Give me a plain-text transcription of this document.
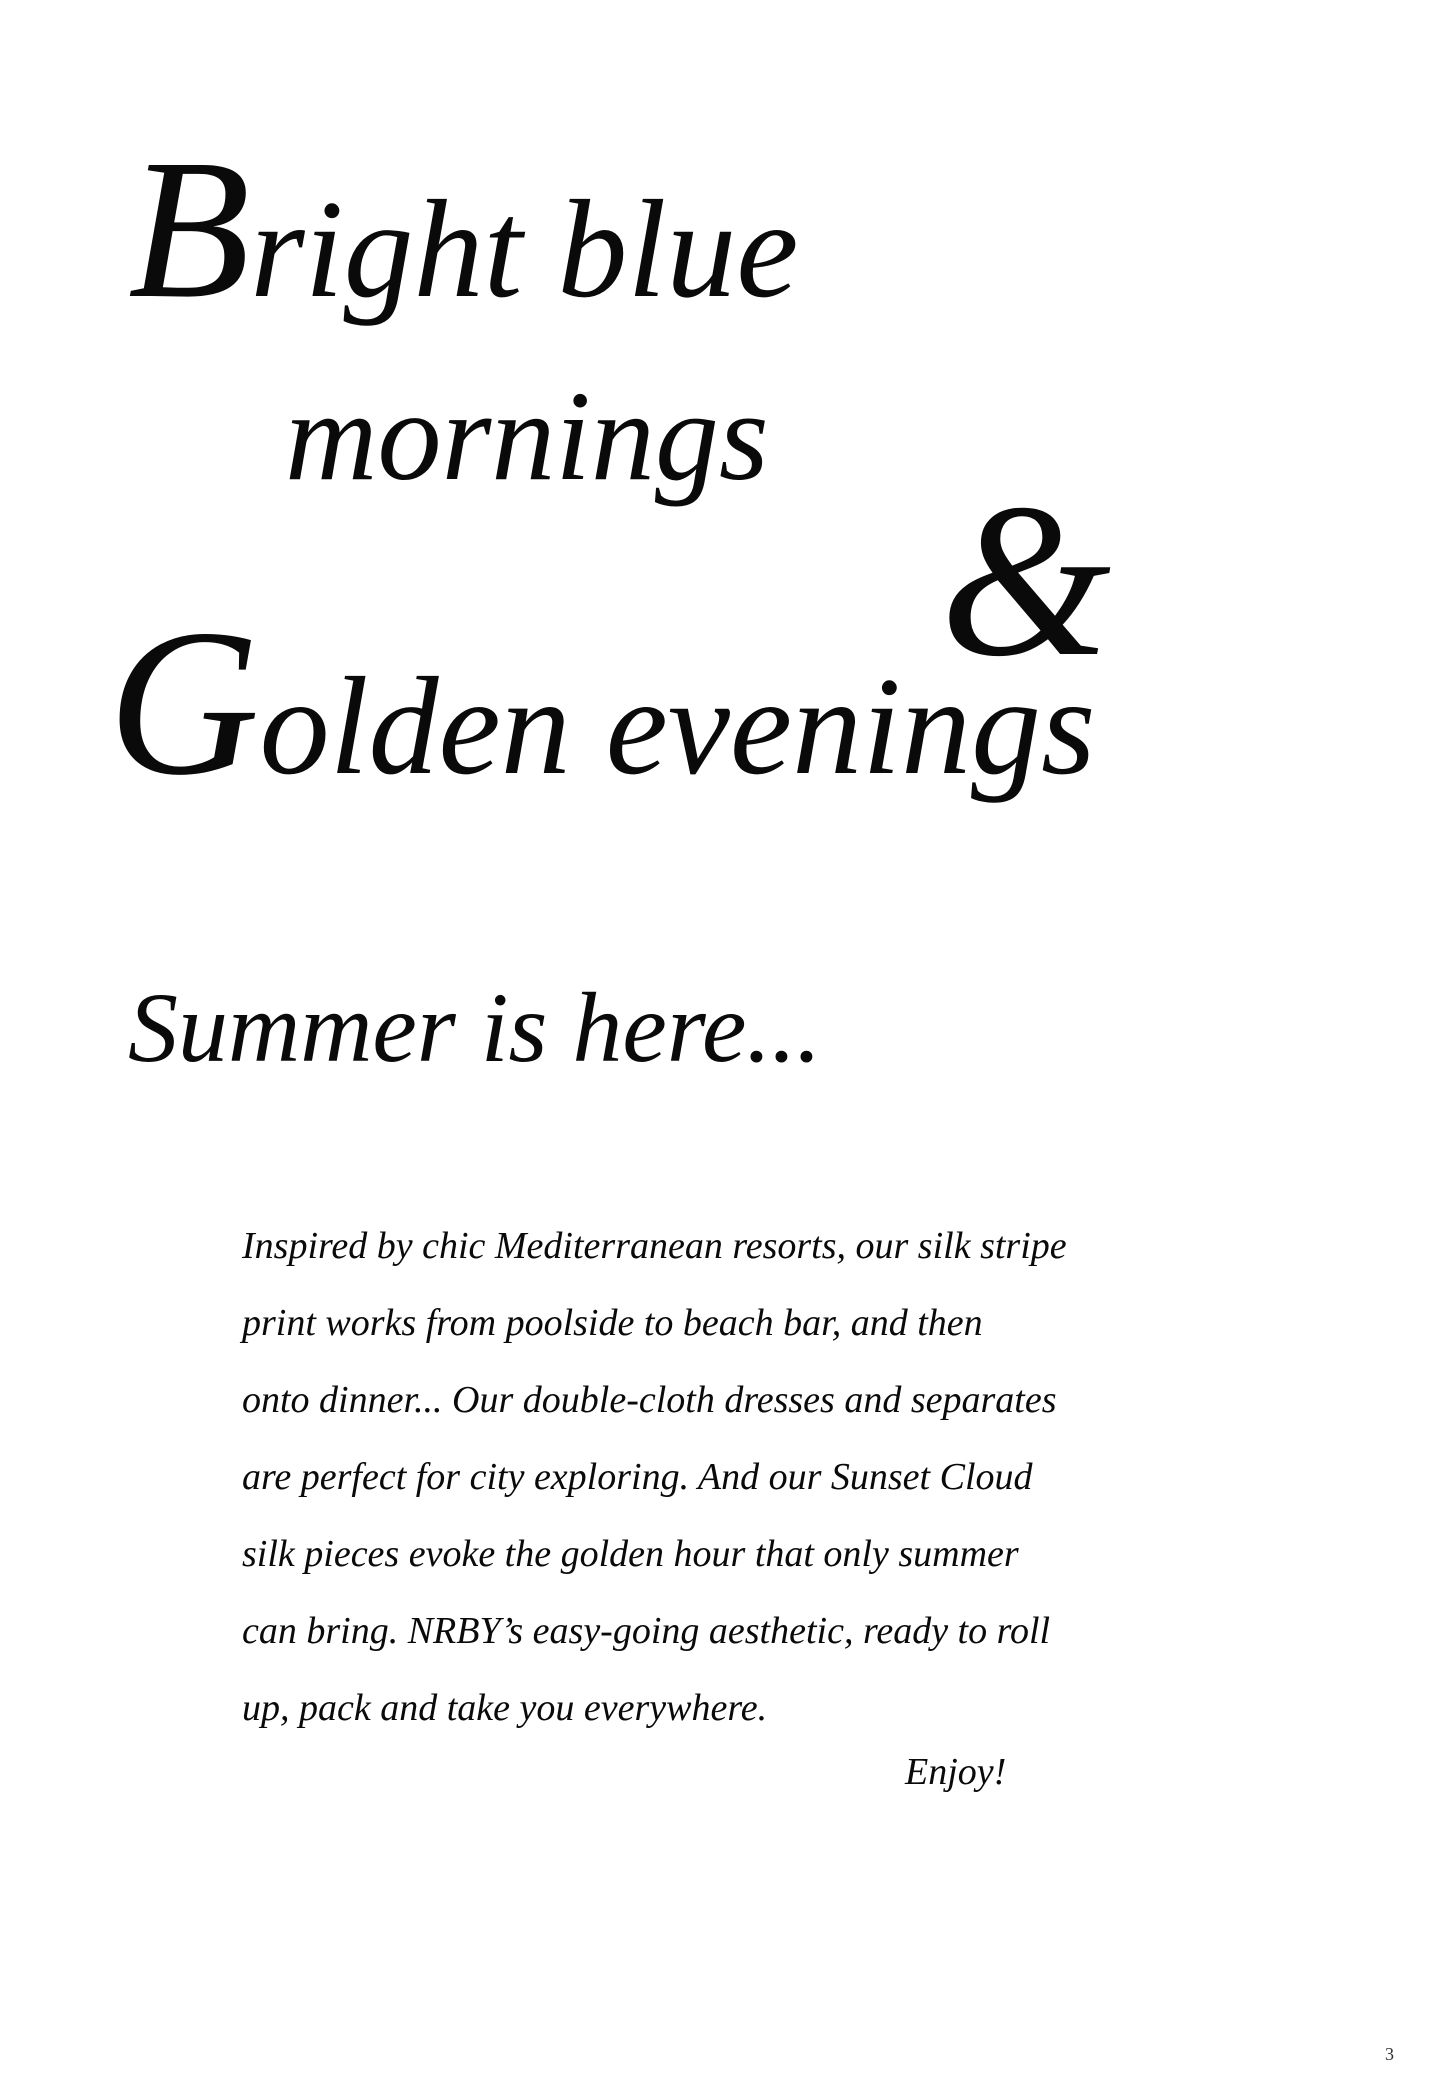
Bright blue
mornings
&
Golden evenings
Summer is here...
Inspired by chic Mediterranean resorts, our silk stripe
print works from poolside to beach bar, and then
onto dinner... Our double-cloth dresses and separates
are perfect for city exploring. And our Sunset Cloud
silk pieces evoke the golden hour that only summer
can bring. NRBY’s easy-going aesthetic, ready to roll
up, pack and take you everywhere.
Enjoy!
3
